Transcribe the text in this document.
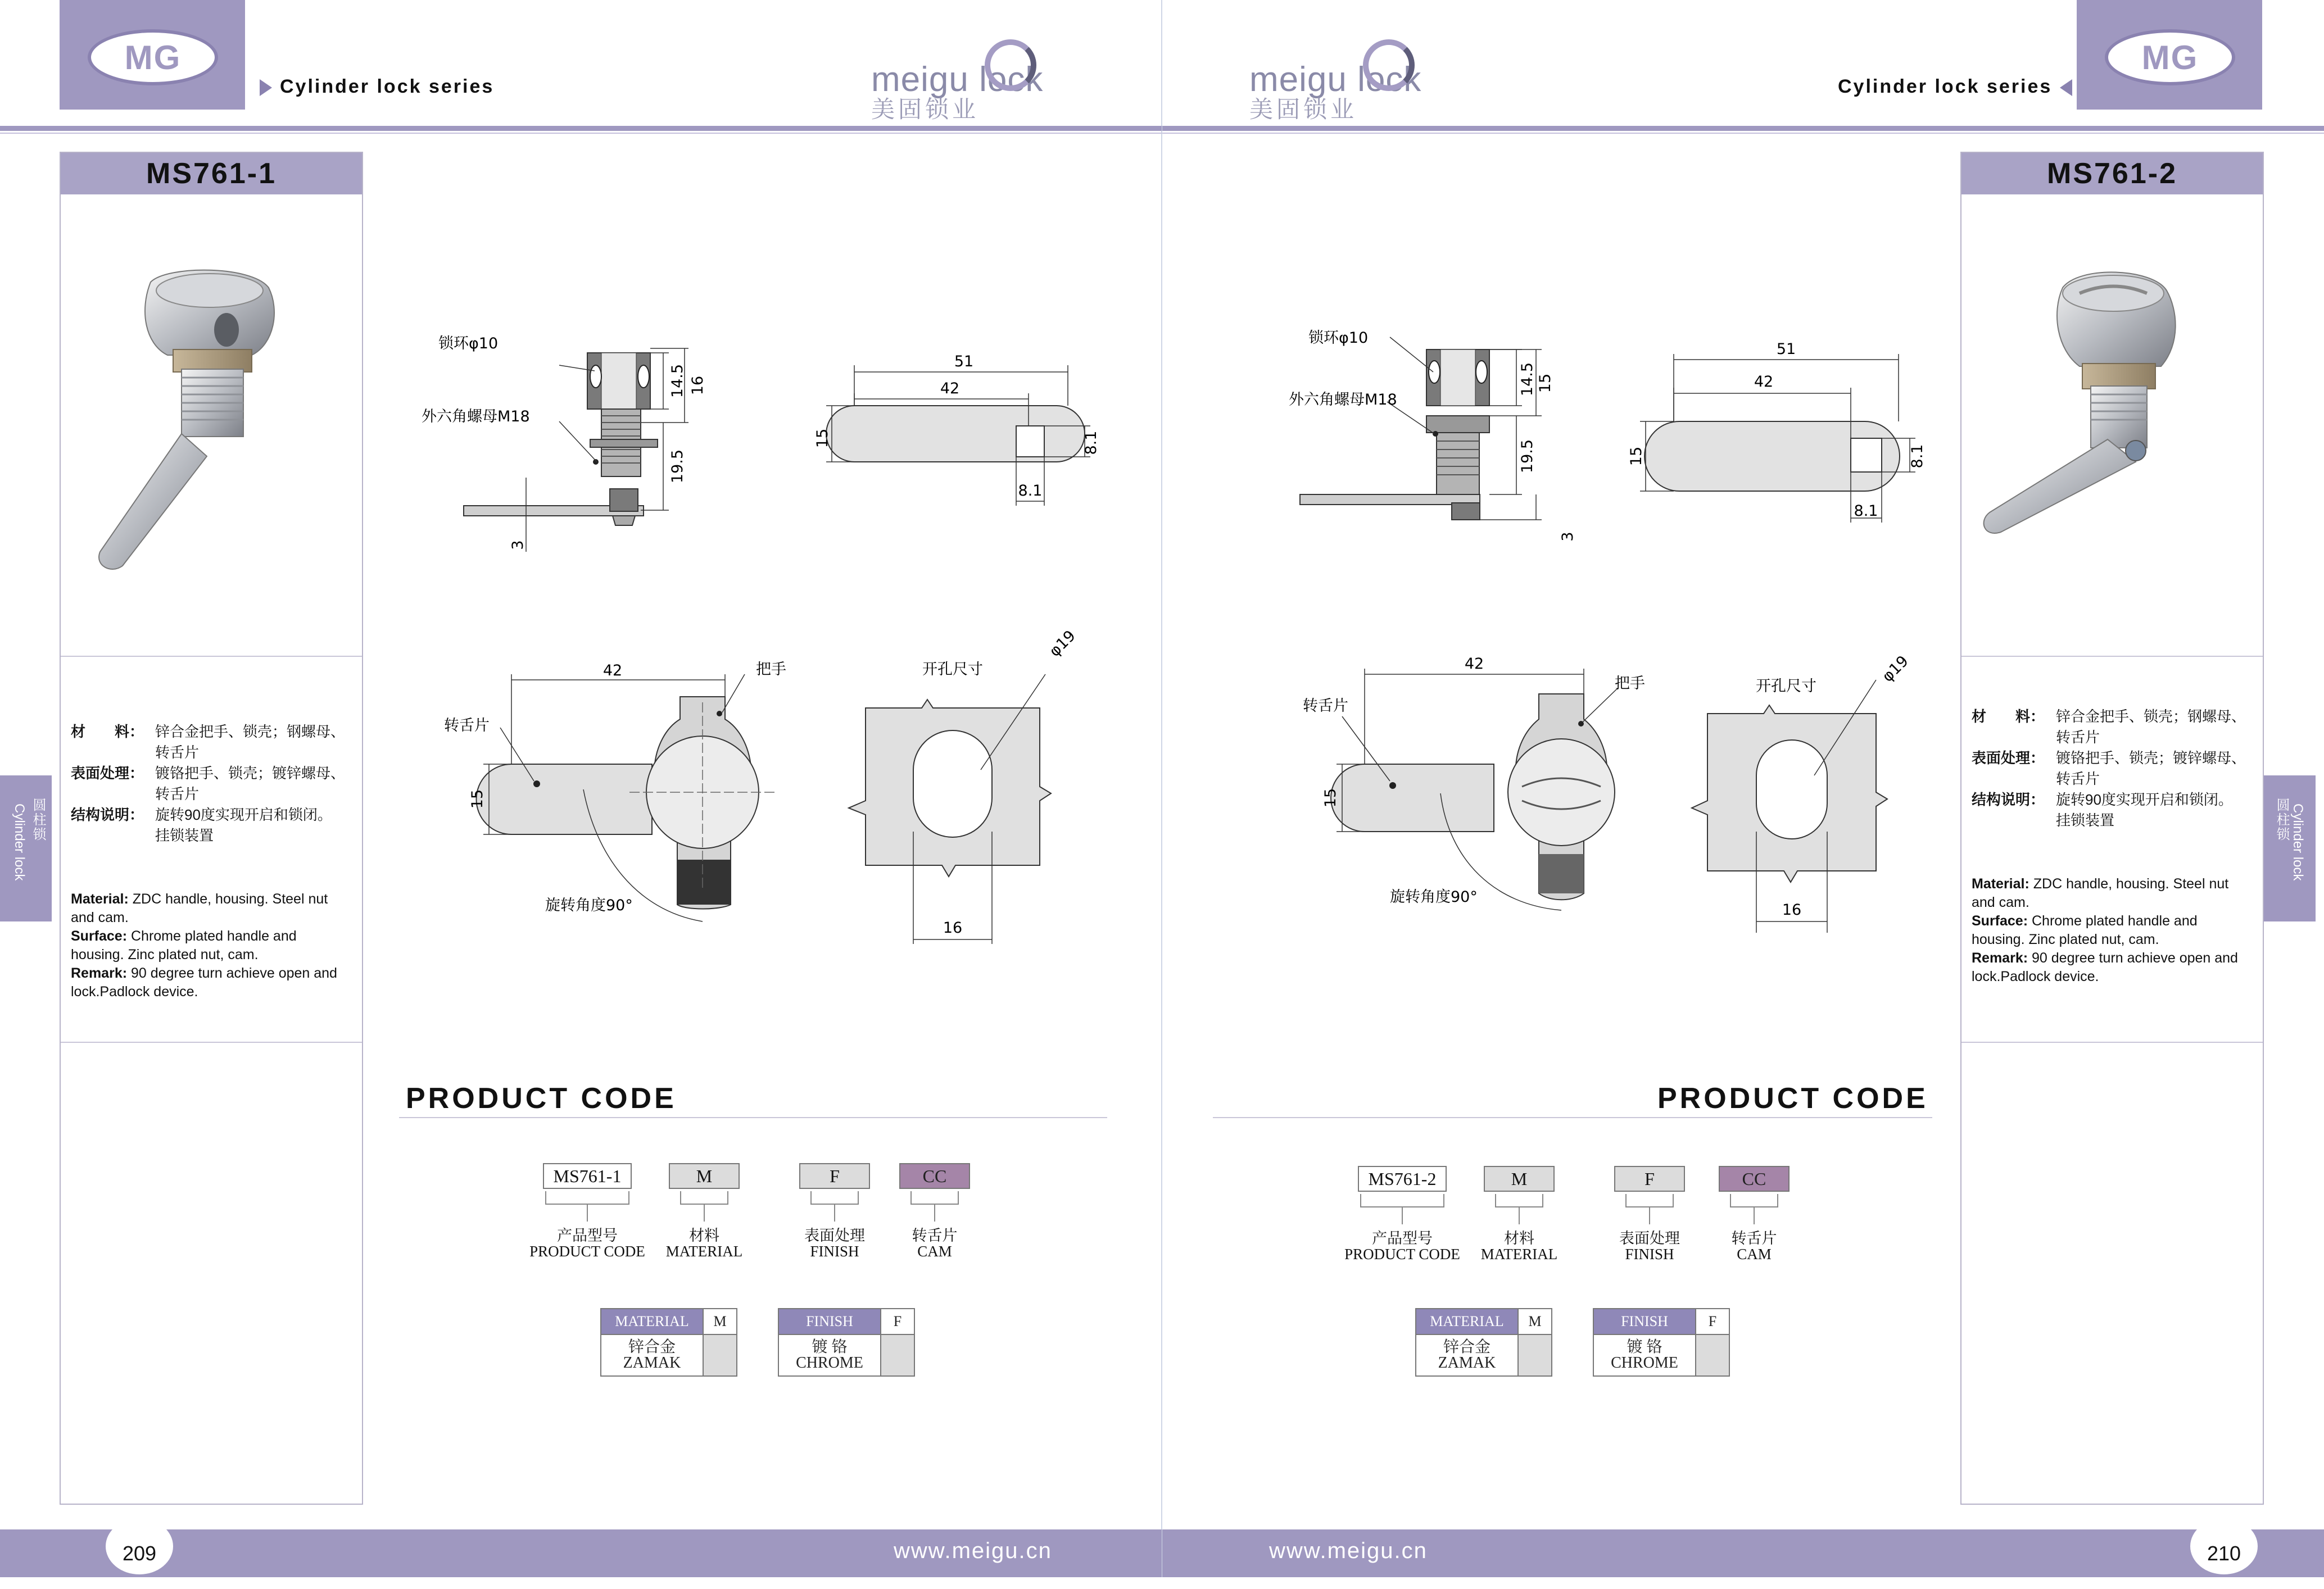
MG
Cylinder lock series	meigu lock
美固锁业
MS761-1
材　　料： 锌合金把手、锁壳；钢螺母、
转舌片
表面处理： 镀铬把手、锁壳；镀锌螺母、
转舌片
结构说明： 旋转90度实现开启和锁闭。
挂锁装置
Material: ZDC handle, housing. Steel nut and cam.
Surface: Chrome plated handle and housing. Zinc plated nut, cam.
Remark: 90 degree turn achieve open and lock.Padlock device.
圆柱锁
Cylinder lock
14.5 16
19.5
3
锁环φ10
外六角螺母M18
51
42
15	8.1
8.1
42
15
转舌片
把手
旋转角度90°
开孔尺寸
φ19
16
PRODUCT CODE
MS761-1	M	F	CC
产品型号
PRODUCT CODE
材料
MATERIAL
表面处理
FINISH
转舌片
CAM
MATERIAL	M
锌合金
ZAMAK
FINISH	F
镀 铬
CHROME
www.meigu.cn
209
meigu lock
美固锁业
Cylinder lock series
MG
MS761-2
材　　料： 锌合金把手、锁壳；钢螺母、
转舌片
表面处理： 镀铬把手、锁壳；镀锌螺母、
转舌片
结构说明： 旋转90度实现开启和锁闭。
挂锁装置
Material: ZDC handle, housing. Steel nut and cam.
Surface: Chrome plated handle and housing. Zinc plated nut, cam.
Remark: 90 degree turn achieve open and lock.Padlock device.
圆柱锁 Cylinder lock
14.5 15
19.5
3
锁环φ10
外六角螺母M18
51
42
15	8.1
8.1
42
15
转舌片
把手
旋转角度90°
开孔尺寸
φ19
16
PRODUCT CODE
MS761-2	M	F	CC
产品型号
PRODUCT CODE
材料
MATERIAL
表面处理
FINISH
转舌片
CAM
MATERIAL	M
锌合金
ZAMAK
FINISH	F
镀 铬
CHROME
www.meigu.cn	210
